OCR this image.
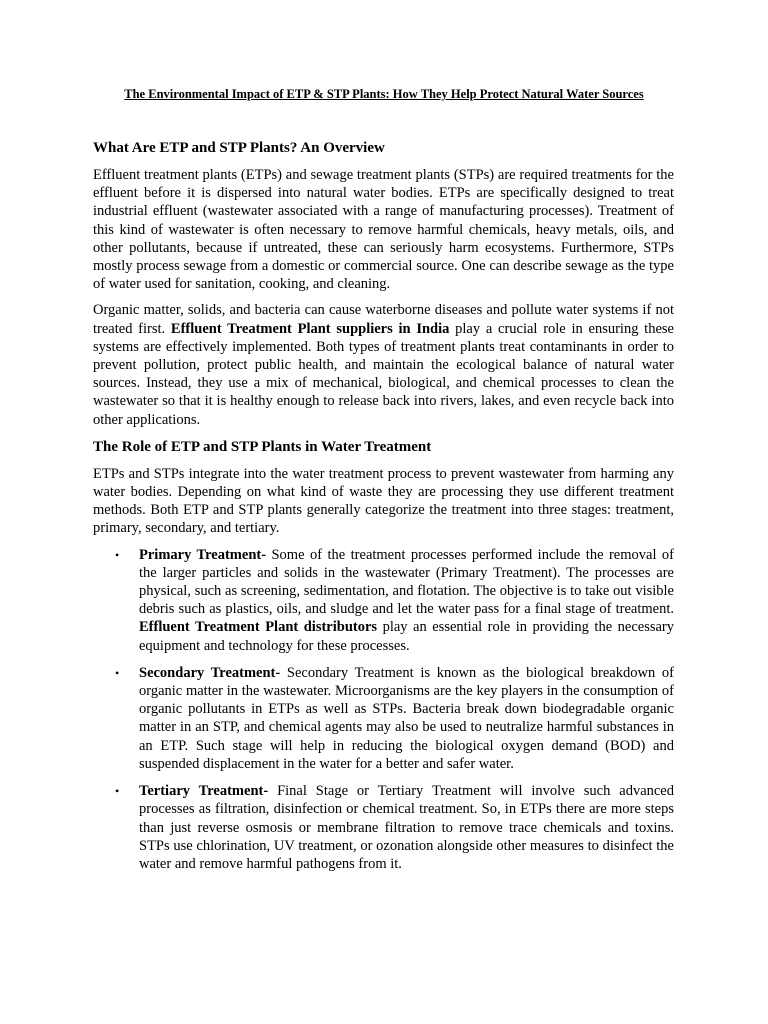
The Environmental Impact of ETP & STP Plants: How They Help Protect Natural Water Sources
What Are ETP and STP Plants? An Overview

Effluent treatment plants (ETPs) and sewage treatment plants (STPs) are required treatments for the effluent before it is dispersed into natural water bodies. ETPs are specifically designed to treat industrial effluent (wastewater associated with a range of manufacturing processes). Treatment of this kind of wastewater is often necessary to remove harmful chemicals, heavy metals, oils, and other pollutants, because if untreated, these can seriously harm ecosystems. Furthermore, STPs mostly process sewage from a domestic or commercial source. One can describe sewage as the type of water used for sanitation, cooking, and cleaning.

Organic matter, solids, and bacteria can cause waterborne diseases and pollute water systems if not treated first. Effluent Treatment Plant suppliers in India play a crucial role in ensuring these systems are effectively implemented. Both types of treatment plants treat contaminants in order to prevent pollution, protect public health, and maintain the ecological balance of natural water sources. Instead, they use a mix of mechanical, biological, and chemical processes to clean the wastewater so that it is healthy enough to release back into rivers, lakes, and even recycle back into other applications.

The Role of ETP and STP Plants in Water Treatment

ETPs and STPs integrate into the water treatment process to prevent wastewater from harming any water bodies. Depending on what kind of waste they are processing they use different treatment methods. Both ETP and STP plants generally categorize the treatment into three stages: treatment, primary, secondary, and tertiary.

• Primary Treatment- Some of the treatment processes performed include the removal of the larger particles and solids in the wastewater (Primary Treatment). The processes are physical, such as screening, sedimentation, and flotation. The objective is to take out visible debris such as plastics, oils, and sludge and let the water pass for a final stage of treatment. Effluent Treatment Plant distributors play an essential role in providing the necessary equipment and technology for these processes.
• Secondary Treatment- Secondary Treatment is known as the biological breakdown of organic matter in the wastewater. Microorganisms are the key players in the consumption of organic pollutants in ETPs as well as STPs. Bacteria break down biodegradable organic matter in an STP, and chemical agents may also be used to neutralize harmful substances in an ETP. Such stage will help in reducing the biological oxygen demand (BOD) and suspended displacement in the water for a better and safer water.
• Tertiary Treatment- Final Stage or Tertiary Treatment will involve such advanced processes as filtration, disinfection or chemical treatment. So, in ETPs there are more steps than just reverse osmosis or membrane filtration to remove trace chemicals and toxins. STPs use chlorination, UV treatment, or ozonation alongside other measures to disinfect the water and remove harmful pathogens from it.
